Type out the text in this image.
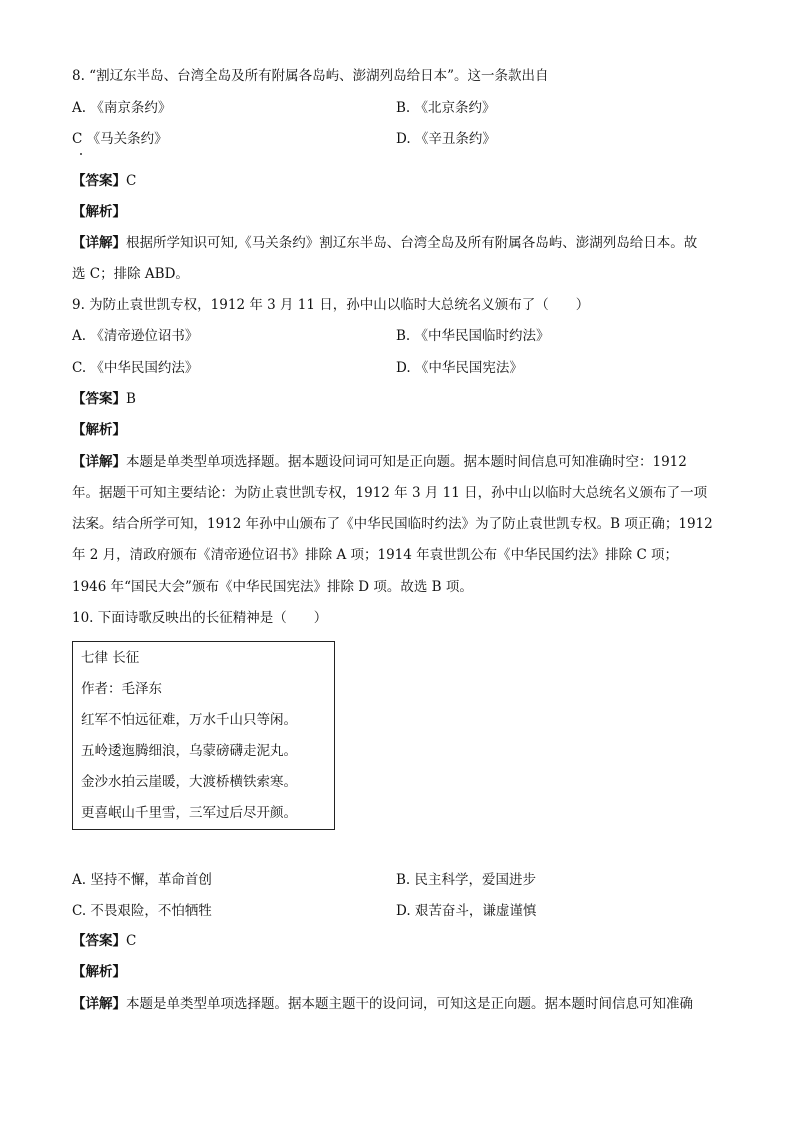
8. “割辽东半岛、台湾全岛及所有附属各岛屿、澎湖列岛给日本”。这一条款出自
A. 《南京条约》	B. 《北京条约》
C 《马关条约》	D. 《辛丑条约》
【答案】C
【解析】
【详解】根据所学知识可知,《马关条约》割辽东半岛、台湾全岛及所有附属各岛屿、澎湖列岛给日本。故
选 C；排除 ABD。
9. 为防止袁世凯专权，1912 年 3 月 11 日，孙中山以临时大总统名义颁布了（　　）
A. 《清帝逊位诏书》	B. 《中华民国临时约法》
C. 《中华民国约法》	D. 《中华民国宪法》
【答案】B
【解析】
【详解】本题是单类型单项选择题。据本题设问词可知是正向题。据本题时间信息可知准确时空：1912
年。据题干可知主要结论：为防止袁世凯专权，1912 年 3 月 11 日，孙中山以临时大总统名义颁布了一项
法案。结合所学可知，1912 年孙中山颁布了《中华民国临时约法》为了防止袁世凯专权。B 项正确；1912
年 2 月，清政府颁布《清帝逊位诏书》排除 A 项；1914 年袁世凯公布《中华民国约法》排除 C 项；
1946 年“国民大会”颁布《中华民国宪法》排除 D 项。故选 B 项。
10. 下面诗歌反映出的长征精神是（　　）
七律 长征
作者：毛泽东
红军不怕远征难，万水千山只等闲。
五岭逶迤腾细浪，乌蒙磅礴走泥丸。
金沙水拍云崖暖，大渡桥横铁索寒。
更喜岷山千里雪，三军过后尽开颜。
A. 坚持不懈，革命首创	B. 民主科学，爱国进步
C. 不畏艰险，不怕牺牲	D. 艰苦奋斗，谦虚谨慎
【答案】C
【解析】
【详解】本题是单类型单项选择题。据本题主题干的设问词，可知这是正向题。据本题时间信息可知准确
